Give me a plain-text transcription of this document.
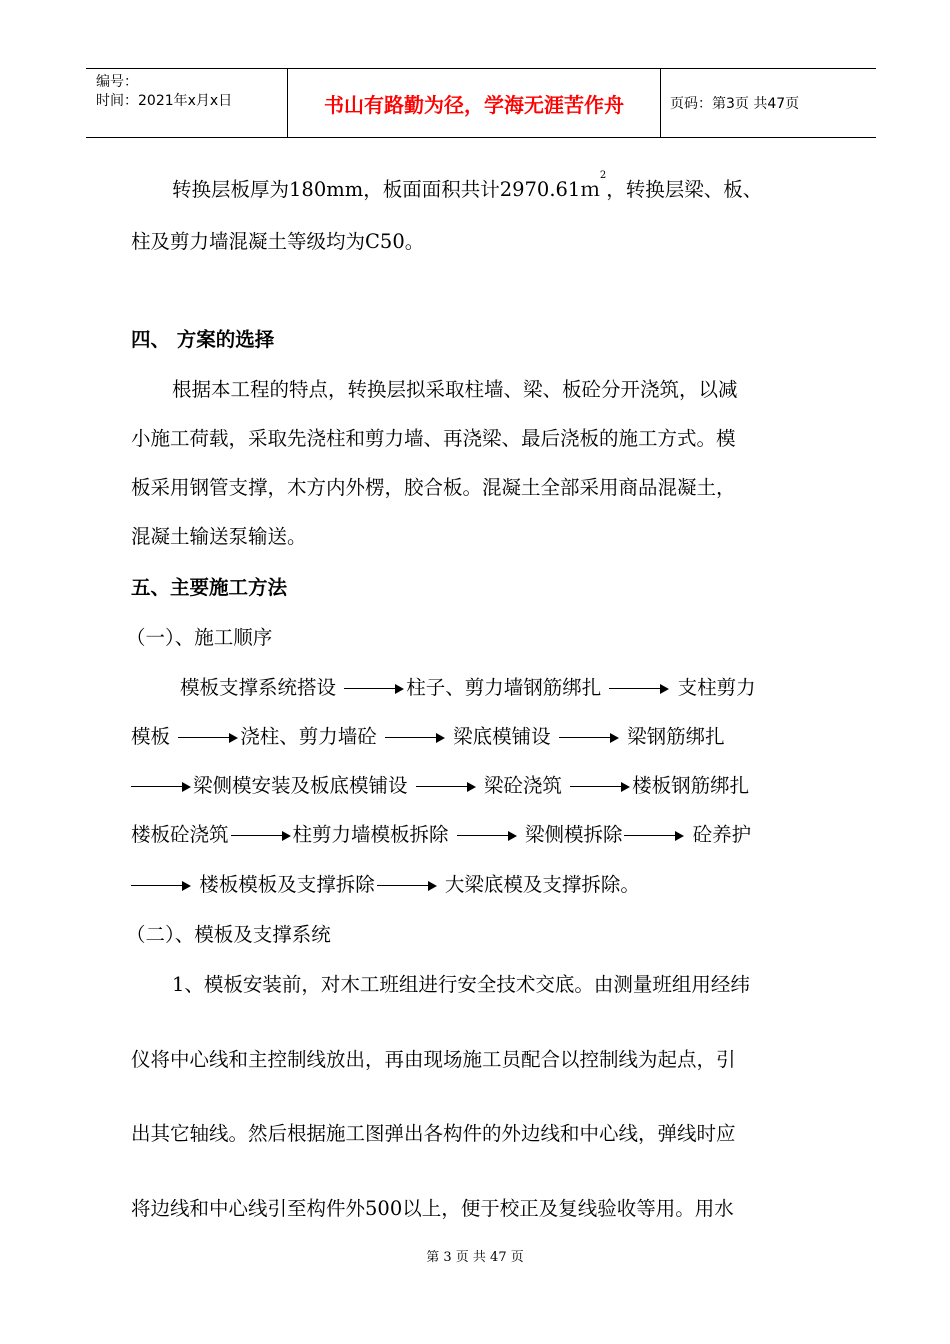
编号：
时间：2021年x月x日	书山有路勤为径，学海无涯苦作舟	页码：第3页 共47页
转换层板厚为180mm，板面面积共计2970.61ｍ$^2$，转换层梁、板、
柱及剪力墙混凝土等级均为C50。
四、 方案的选择
根据本工程的特点，转换层拟采取柱墙、梁、板砼分开浇筑，以减
小施工荷载，采取先浇柱和剪力墙、再浇梁、最后浇板的施工方式。模
板采用钢管支撑，木方内外楞，胶合板。混凝土全部采用商品混凝土，
混凝土输送泵输送。
五、主要施工方法
（一）、施工顺序
模板支撑系统搭设	柱子、剪力墙钢筋绑扎	支柱剪力
模板	浇柱、剪力墙砼	梁底模铺设	梁钢筋绑扎
梁侧模安装及板底模铺设	梁砼浇筑	楼板钢筋绑扎
楼板砼浇筑	柱剪力墙模板拆除	梁侧模拆除	砼养护
楼板模板及支撑拆除	大梁底模及支撑拆除。
（二）、模板及支撑系统
1、模板安装前，对木工班组进行安全技术交底。由测量班组用经纬
仪将中心线和主控制线放出，再由现场施工员配合以控制线为起点，引
出其它轴线。然后根据施工图弹出各构件的外边线和中心线，弹线时应
将边线和中心线引至构件外500以上，便于校正及复线验收等用。用水
第 3 页 共 47 页
